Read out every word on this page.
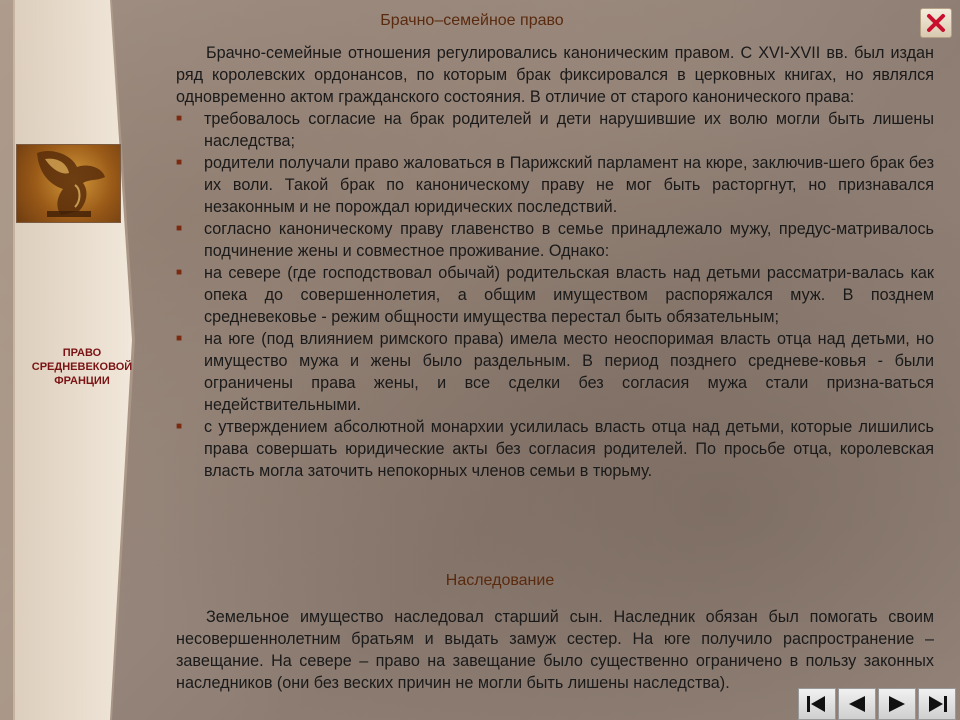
ПРАВО
СРЕДНЕВЕКОВОЙ
ФРАНЦИИ
Брачно–семейное право

Брачно-семейные отношения регулировались каноническим правом. С XVI-XVII вв. был издан ряд королевских ордонансов, по которым брак фиксировался в церковных книгах, но являлся одновременно актом гражданского состояния. В отличие от старого канонического права:

■ требовалось согласие на брак родителей и дети нарушившие их волю могли быть лишены наследства;
■ родители получали право жаловаться в Парижский парламент на кюре, заключив-шего брак без их воли. Такой брак по каноническому праву не мог быть расторгнут, но признавался незаконным и не порождал юридических последствий.
■ согласно каноническому праву главенство в семье принадлежало мужу, предус-матривалось подчинение жены и совместное проживание. Однако:
■ на севере (где господствовал обычай) родительская власть над детьми рассматри-валась как опека до совершеннолетия, а общим имуществом распоряжался муж. В позднем средневековье - режим общности имущества перестал быть обязательным;
■ на юге (под влиянием римского права) имела место неоспоримая власть отца над детьми, но имущество мужа и жены было раздельным. В период позднего средневе-ковья - были ограничены права жены, и все сделки без согласия мужа стали призна-ваться недействительными.
■ с утверждением абсолютной монархии усилилась власть отца над детьми, которые лишились права совершать юридические акты без согласия родителей. По просьбе отца, королевская власть могла заточить непокорных членов семьи в тюрьму.
Наследование

Земельное имущество наследовал старший сын. Наследник обязан был помогать своим несовершеннолетним братьям и выдать замуж сестер. На юге получило распространение – завещание. На севере – право на завещание было существенно ограничено в пользу законных наследников (они без веских причин не могли быть лишены наследства).
